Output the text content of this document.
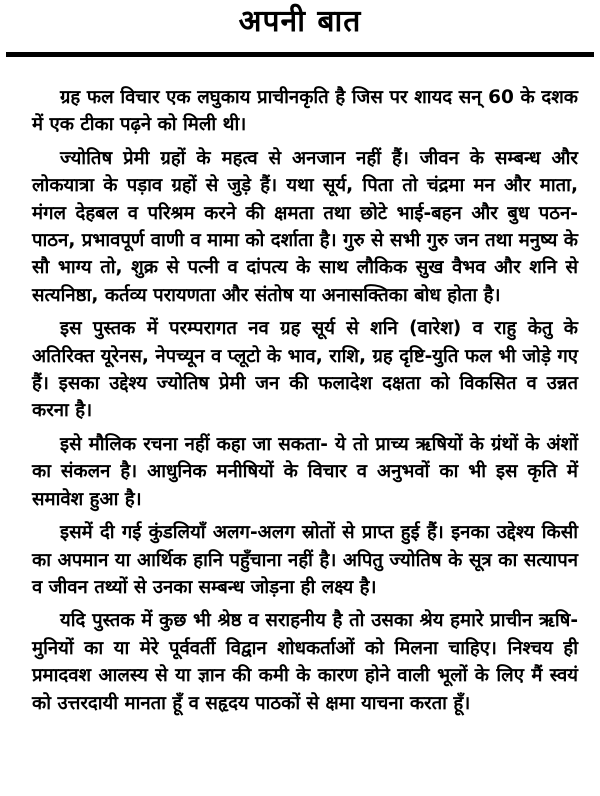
अपनी बात

ग्रह फल विचार एक लघुकाय प्राचीनकृति है जिस पर शायद सन् 60 के दशक में एक टीका पढ़ने को मिली थी।

ज्योतिष प्रेमी ग्रहों के महत्व से अनजान नहीं हैं। जीवन के सम्बन्ध और लोकयात्रा के पड़ाव ग्रहों से जुड़े हैं। यथा सूर्य, पिता तो चंद्रमा मन और माता, मंगल देहबल व परिश्रम करने की क्षमता तथा छोटे भाई-बहन और बुध पठन-पाठन, प्रभावपूर्ण वाणी व मामा को दर्शाता है। गुरु से सभी गुरु जन तथा मनुष्य के सौ भाग्य तो, शुक्र से पत्नी व दांपत्य के साथ लौकिक सुख वैभव और शनि से सत्यनिष्ठा, कर्तव्य परायणता और संतोष या अनासक्तिका बोध होता है।

इस पुस्तक में परम्परागत नव ग्रह सूर्य से शनि (वारेश) व राहु केतु के अतिरिक्त यूरेनस, नेपच्यून व प्लूटो के भाव, राशि, ग्रह दृष्टि-युति फल भी जोड़े गए हैं। इसका उद्देश्य ज्योतिष प्रेमी जन की फलादेश दक्षता को विकसित व उन्नत करना है।

इसे मौलिक रचना नहीं कहा जा सकता- ये तो प्राच्य ऋषियों के ग्रंथों के अंशों का संकलन है। आधुनिक मनीषियों के विचार व अनुभवों का भी इस कृति में समावेश हुआ है।

इसमें दी गई कुंडलियाँ अलग-अलग स्रोतों से प्राप्त हुई हैं। इनका उद्देश्य किसी का अपमान या आर्थिक हानि पहुँचाना नहीं है। अपितु ज्योतिष के सूत्र का सत्यापन व जीवन तथ्यों से उनका सम्बन्ध जोड़ना ही लक्ष्य है।

यदि पुस्तक में कुछ भी श्रेष्ठ व सराहनीय है तो उसका श्रेय हमारे प्राचीन ऋषि-मुनियों का या मेरे पूर्ववर्ती विद्वान शोधकर्ताओं को मिलना चाहिए। निश्चय ही प्रमादवश आलस्य से या ज्ञान की कमी के कारण होने वाली भूलों के लिए मैं स्वयं को उत्तरदायी मानता हूँ व सहृदय पाठकों से क्षमा याचना करता हूँ।
